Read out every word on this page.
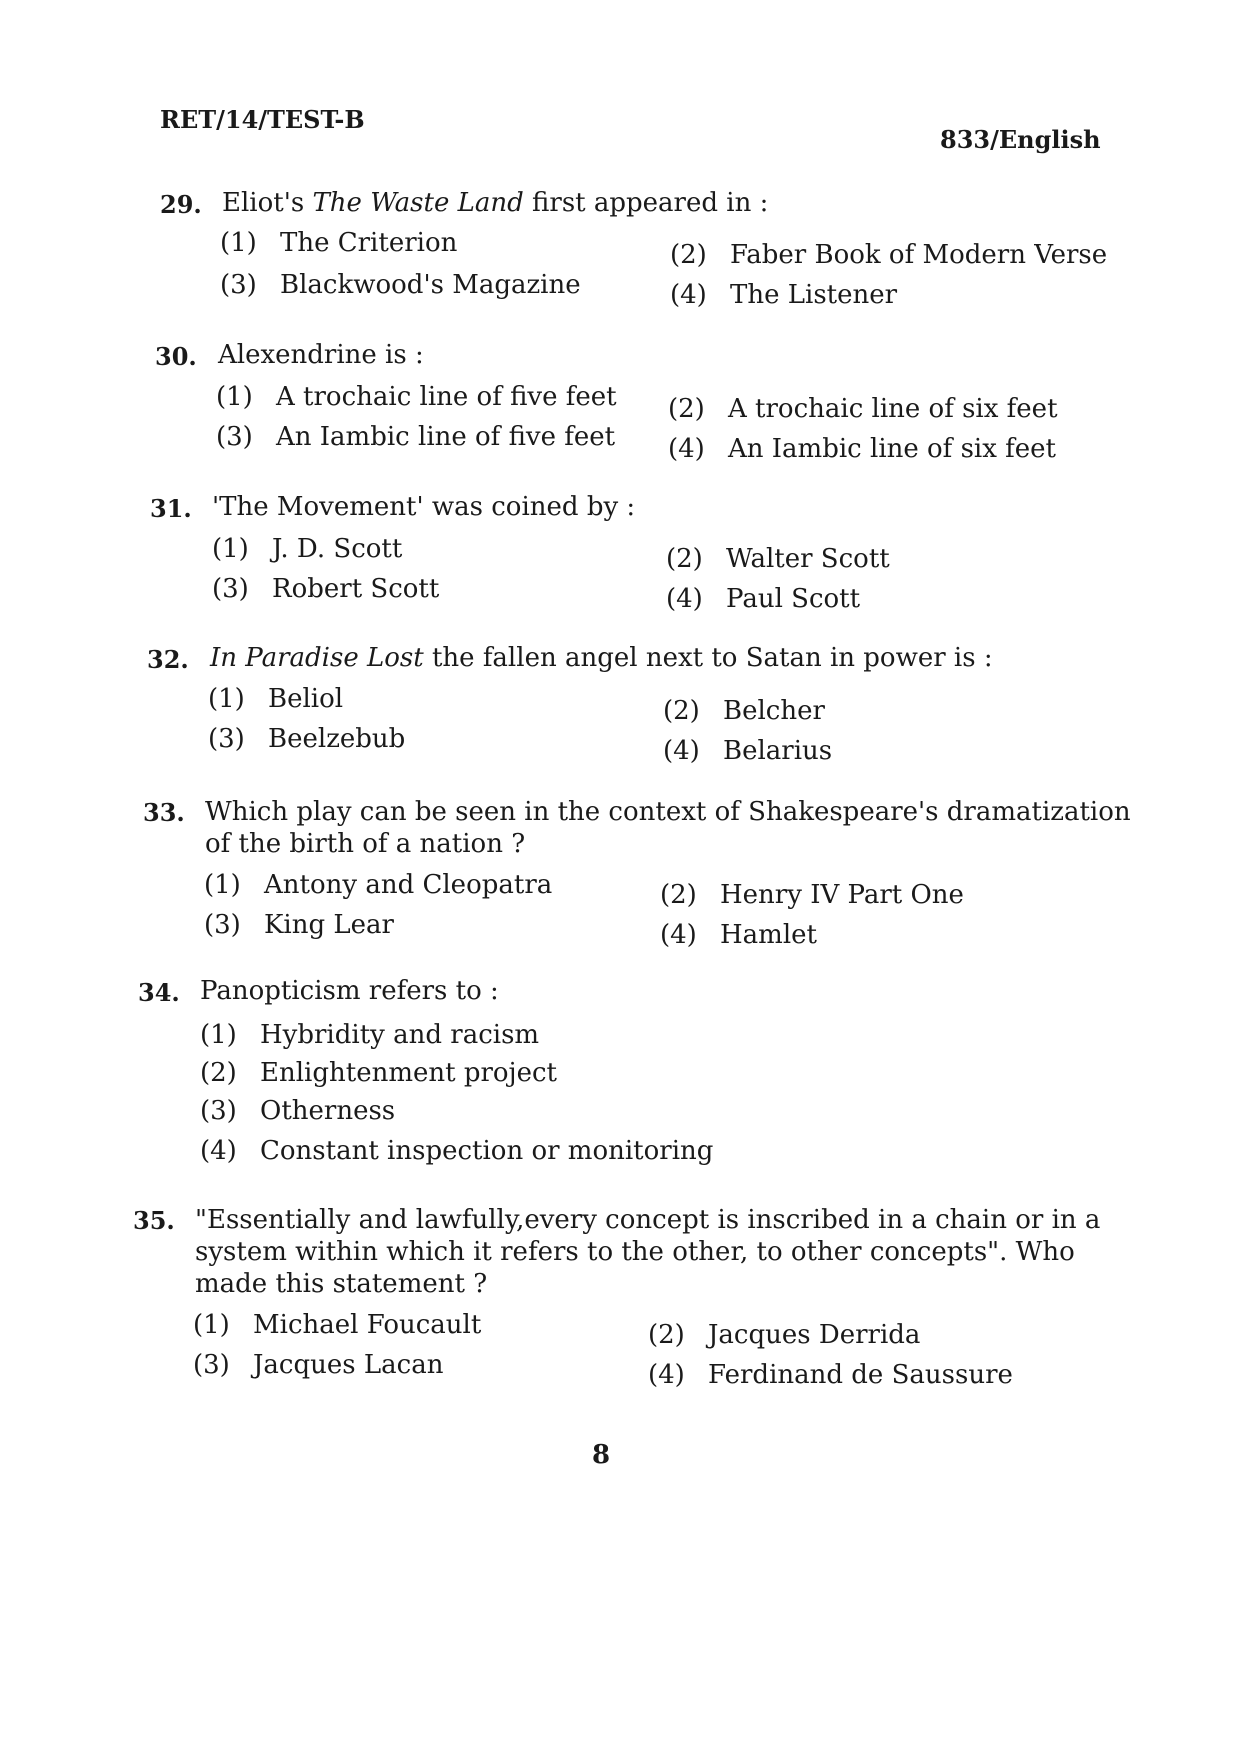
RET/14/TEST-B
833/English
29. Eliot's The Waste Land first appeared in :
(1) The Criterion	(2) Faber Book of Modern Verse
(3) Blackwood's Magazine	(4) The Listener
30. Alexendrine is :
(1) A trochaic line of five feet (2) A trochaic line of six feet
(3) An Iambic line of five feet (4) An Iambic line of six feet
31. 'The Movement' was coined by :
(1) J. D. Scott	(2) Walter Scott
(3) Robert Scott	(4) Paul Scott
32. In Paradise Lost the fallen angel next to Satan in power is :
(1) Beliol	(2) Belcher
(3) Beelzebub	(4) Belarius
33. Which play can be seen in the context of Shakespeare's dramatization
of the birth of a nation ?
(1) Antony and Cleopatra	(2) Henry IV Part One
(3) King Lear	(4) Hamlet
34. Panopticism refers to :
(1) Hybridity and racism
(2) Enlightenment project
(3) Otherness
(4) Constant inspection or monitoring
35. "Essentially and lawfully,every concept is inscribed in a chain or in a
system within which it refers to the other, to other concepts". Who
made this statement ?
(1) Michael Foucault	(2) Jacques Derrida
(3) Jacques Lacan	(4) Ferdinand de Saussure
8
